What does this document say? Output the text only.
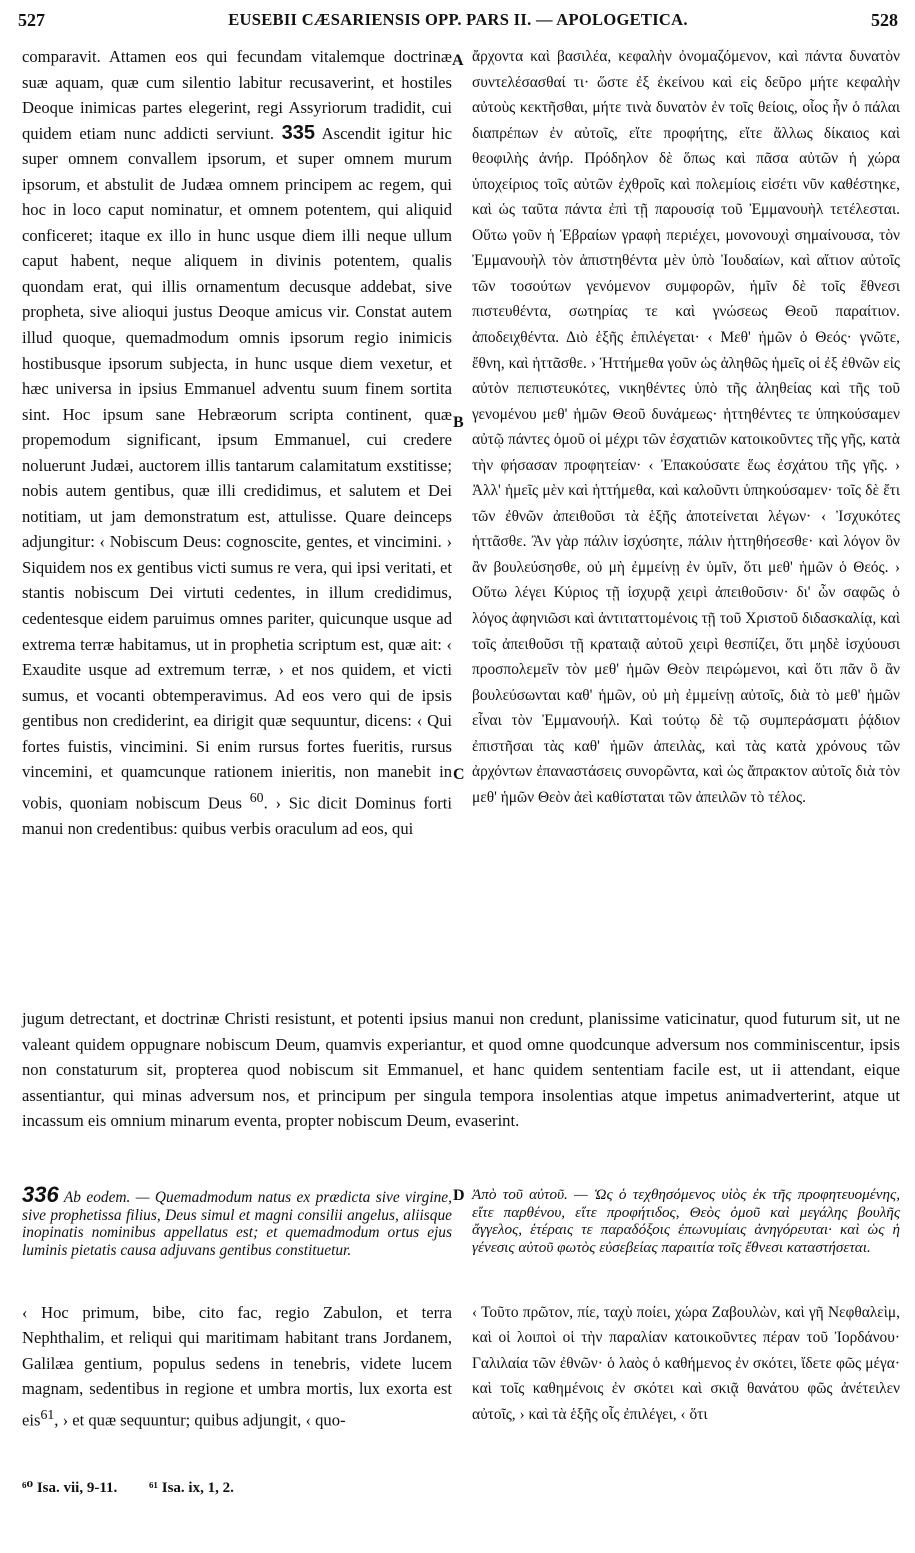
527	EUSEBII CÆSARIENSIS OPP. PARS II. — APOLOGETICA.	528
A
B
C
D

comparavit. Attamen eos qui fecundam vitalemque doctrinæ suæ aquam, quæ cum silentio labitur recusaverint, et hostiles Deoque inimicas partes elegerint, regi Assyriorum tradidit, cui quidem etiam nunc addicti serviunt. 335 Ascendit igitur hic super omnem convallem ipsorum, et super omnem murum ipsorum, et abstulit de Judæa omnem principem ac regem, qui hoc in loco caput nominatur, et omnem potentem, qui aliquid conficeret; itaque ex illo in hunc usque diem illi neque ullum caput habent, neque aliquem in divinis potentem, qualis quondam erat, qui illis ornamentum decusque addebat, sive propheta, sive alioqui justus Deoque amicus vir. Constat autem illud quoque, quemadmodum omnis ipsorum regio inimicis hostibusque ipsorum subjecta, in hunc usque diem vexetur, et hæc universa in ipsius Emmanuel adventu suum finem sortita sint. Hoc ipsum sane Hebræorum scripta continent, quæ propemodum significant, ipsum Emmanuel, cui credere noluerunt Judæi, auctorem illis tantarum calamitatum exstitisse; nobis autem gentibus, quæ illi credidimus, et salutem et Dei notitiam, ut jam demonstratum est, attulisse. Quare deinceps adjungitur: ‹ Nobiscum Deus: cognoscite, gentes, et vincimini. › Siquidem nos ex gentibus victi sumus re vera, qui ipsi veritati, et stantis nobiscum Dei virtuti cedentes, in illum credidimus, cedentesque eidem paruimus omnes pariter, quicunque usque ad extrema terræ habitamus, ut in prophetia scriptum est, quæ ait: ‹ Exaudite usque ad extremum terræ, › et nos quidem, et victi sumus, et vocanti obtemperavimus. Ad eos vero qui de ipsis gentibus non crediderint, ea dirigit quæ sequuntur, dicens: ‹ Qui fortes fuistis, vincimini. Si enim rursus fortes fueritis, rursus vincemini, et quamcunque rationem inieritis, non manebit in vobis, quoniam nobiscum Deus $^{60}$. › Sic dicit Dominus forti manui non credentibus: quibus verbis oraculum ad eos, qui

ἄρχοντα καὶ βασιλέα, κεφαλὴν ὀνομαζόμενον, καὶ πάντα δυνατὸν συντελέσασθαί τι· ὥστε ἐξ ἐκείνου καὶ εἰς δεῦρο μήτε κεφαλὴν αὐτοὺς κεκτῆσθαι, μήτε τινὰ δυνατὸν ἐν τοῖς θείοις, οἷος ἦν ὁ πάλαι διαπρέπων ἐν αὐτοῖς, εἴτε προφήτης, εἴτε ἄλλως δίκαιος καὶ θεοφιλὴς ἀνήρ. Πρόδηλον δὲ ὅπως καὶ πᾶσα αὐτῶν ἡ χώρα ὑποχείριος τοῖς αὐτῶν ἐχθροῖς καὶ πολεμίοις εἰσέτι νῦν καθέστηκε, καὶ ὡς ταῦτα πάντα ἐπὶ τῇ παρουσίᾳ τοῦ Ἐμμανουὴλ τετέλεσται. Οὕτω γοῦν ἡ Ἑβραίων γραφὴ περιέχει, μονονουχὶ σημαίνουσα, τὸν Ἐμμανουὴλ τὸν ἀπιστηθέντα μὲν ὑπὸ Ἰουδαίων, καὶ αἴτιον αὐτοῖς τῶν τοσούτων γενόμενον συμφορῶν, ἡμῖν δὲ τοῖς ἔθνεσι πιστευθέντα, σωτηρίας τε καὶ γνώσεως Θεοῦ παραίτιον. ἀποδειχθέντα. Διὸ ἑξῆς ἐπιλέγεται· ‹ Μεθ' ἡμῶν ὁ Θεός· γνῶτε, ἔθνη, καὶ ἡττᾶσθε. › Ἡττήμεθα γοῦν ὡς ἀληθῶς ἡμεῖς οἱ ἐξ ἐθνῶν εἰς αὐτὸν πεπιστευκότες, νικηθέντες ὑπὸ τῆς ἀληθείας καὶ τῆς τοῦ γενομένου μεθ' ἡμῶν Θεοῦ δυνάμεως· ἡττηθέντες τε ὑπηκούσαμεν αὐτῷ πάντες ὁμοῦ οἱ μέχρι τῶν ἐσχατιῶν κατοικοῦντες τῆς γῆς, κατὰ τὴν φήσασαν προφητείαν· ‹ Ἐπακούσατε ἕως ἐσχάτου τῆς γῆς. › Ἀλλ' ἡμεῖς μὲν καὶ ἡττήμεθα, καὶ καλοῦντι ὑπηκούσαμεν· τοῖς δὲ ἔτι τῶν ἐθνῶν ἀπειθοῦσι τὰ ἑξῆς ἀποτείνεται λέγων· ‹ Ἰσχυκότες ἡττᾶσθε. Ἂν γὰρ πάλιν ἰσχύσητε, πάλιν ἡττηθήσεσθε· καὶ λόγον ὃν ἂν βουλεύσησθε, οὐ μὴ ἐμμείνῃ ἐν ὑμῖν, ὅτι μεθ' ἡμῶν ὁ Θεός. › Οὕτω λέγει Κύριος τῇ ἰσχυρᾷ χειρὶ ἀπειθοῦσιν· δι' ὧν σαφῶς ὁ λόγος ἀφηνιῶσι καὶ ἀντιταττομένοις τῇ τοῦ Χριστοῦ διδασκαλίᾳ, καὶ τοῖς ἀπειθοῦσι τῇ κραταιᾷ αὐτοῦ χειρὶ θεσπίζει, ὅτι μηδὲ ἰσχύουσι προσπολεμεῖν τὸν μεθ' ἡμῶν Θεὸν πειρώμενοι, καὶ ὅτι πᾶν ὃ ἂν βουλεύσωνται καθ' ἡμῶν, οὐ μὴ ἐμμείνῃ αὐτοῖς, διὰ τὸ μεθ' ἡμῶν εἶναι τὸν Ἐμμανουήλ. Καὶ τούτῳ δὲ τῷ συμπεράσματι ῥᾴδιον ἐπιστῆσαι τὰς καθ' ἡμῶν ἀπειλὰς, καὶ τὰς κατὰ χρόνους τῶν ἀρχόντων ἐπαναστάσεις συνορῶντα, καὶ ὡς ἄπρακτον αὐτοῖς διὰ τὸν μεθ' ἡμῶν Θεὸν ἀεὶ καθίσταται τῶν ἀπειλῶν τὸ τέλος.

jugum detrectant, et doctrinæ Christi resistunt, et potenti ipsius manui non credunt, planissime vaticinatur, quod futurum sit, ut ne valeant quidem oppugnare nobiscum Deum, quamvis experiantur, et quod omne quodcunque adversum nos comminiscentur, ipsis non constaturum sit, propterea quod nobiscum sit Emmanuel, et hanc quidem sententiam facile est, ut ii attendant, eique assentiantur, qui minas adversum nos, et principum per singula tempora insolentias atque impetus animadverterint, atque ut incassum eis omnium minarum eventa, propter nobiscum Deum, evaserint.

336 Ab eodem. — Quemadmodum natus ex prædicta sive virgine, sive prophetissa filius, Deus simul et magni consilii angelus, aliisque inopinatis nominibus appellatus est; et quemadmodum ortus ejus luminis pietatis causa adjuvans gentibus constituetur.
Ἀπὸ τοῦ αὐτοῦ. — Ὡς ὁ τεχθησόμενος υἱὸς ἐκ τῆς προφητευομένης, εἴτε παρθένου, εἴτε προφήτιδος, Θεὸς ὁμοῦ καὶ μεγάλης βουλῆς ἄγγελος, ἑτέραις τε παραδόξοις ἐπωνυμίαις ἀνηγόρευται· καὶ ὡς ἡ γένεσις αὐτοῦ φωτὸς εὐσεβείας παραιτία τοῖς ἔθνεσι καταστήσεται.

‹ Hoc primum, bibe, cito fac, regio Zabulon, et terra Nephthalim, et reliqui qui maritimam habitant trans Jordanem, Galilæa gentium, populus sedens in tenebris, videte lucem magnam, sedentibus in regione et umbra mortis, lux exorta est eis$^{61}$, › et quæ sequuntur; quibus adjungit, ‹ quo-

‹ Τοῦτο πρῶτον, πίε, ταχὺ ποίει, χώρα Ζαβουλὼν, καὶ γῆ Νεφθαλεὶμ, καὶ οἱ λοιποὶ οἱ τὴν παραλίαν κατοικοῦντες πέραν τοῦ Ἰορδάνου· Γαλιλαία τῶν ἐθνῶν· ὁ λαὸς ὁ καθήμενος ἐν σκότει, ἴδετε φῶς μέγα· καὶ τοῖς καθημένοις ἐν σκότει καὶ σκιᾷ θανάτου φῶς ἀνέτειλεν αὐτοῖς, › καὶ τὰ ἑξῆς οἷς ἐπιλέγει, ‹ ὅτι

⁶⁰ Isa. vii, 9-11. ⁶¹ Isa. ix, 1, 2.
